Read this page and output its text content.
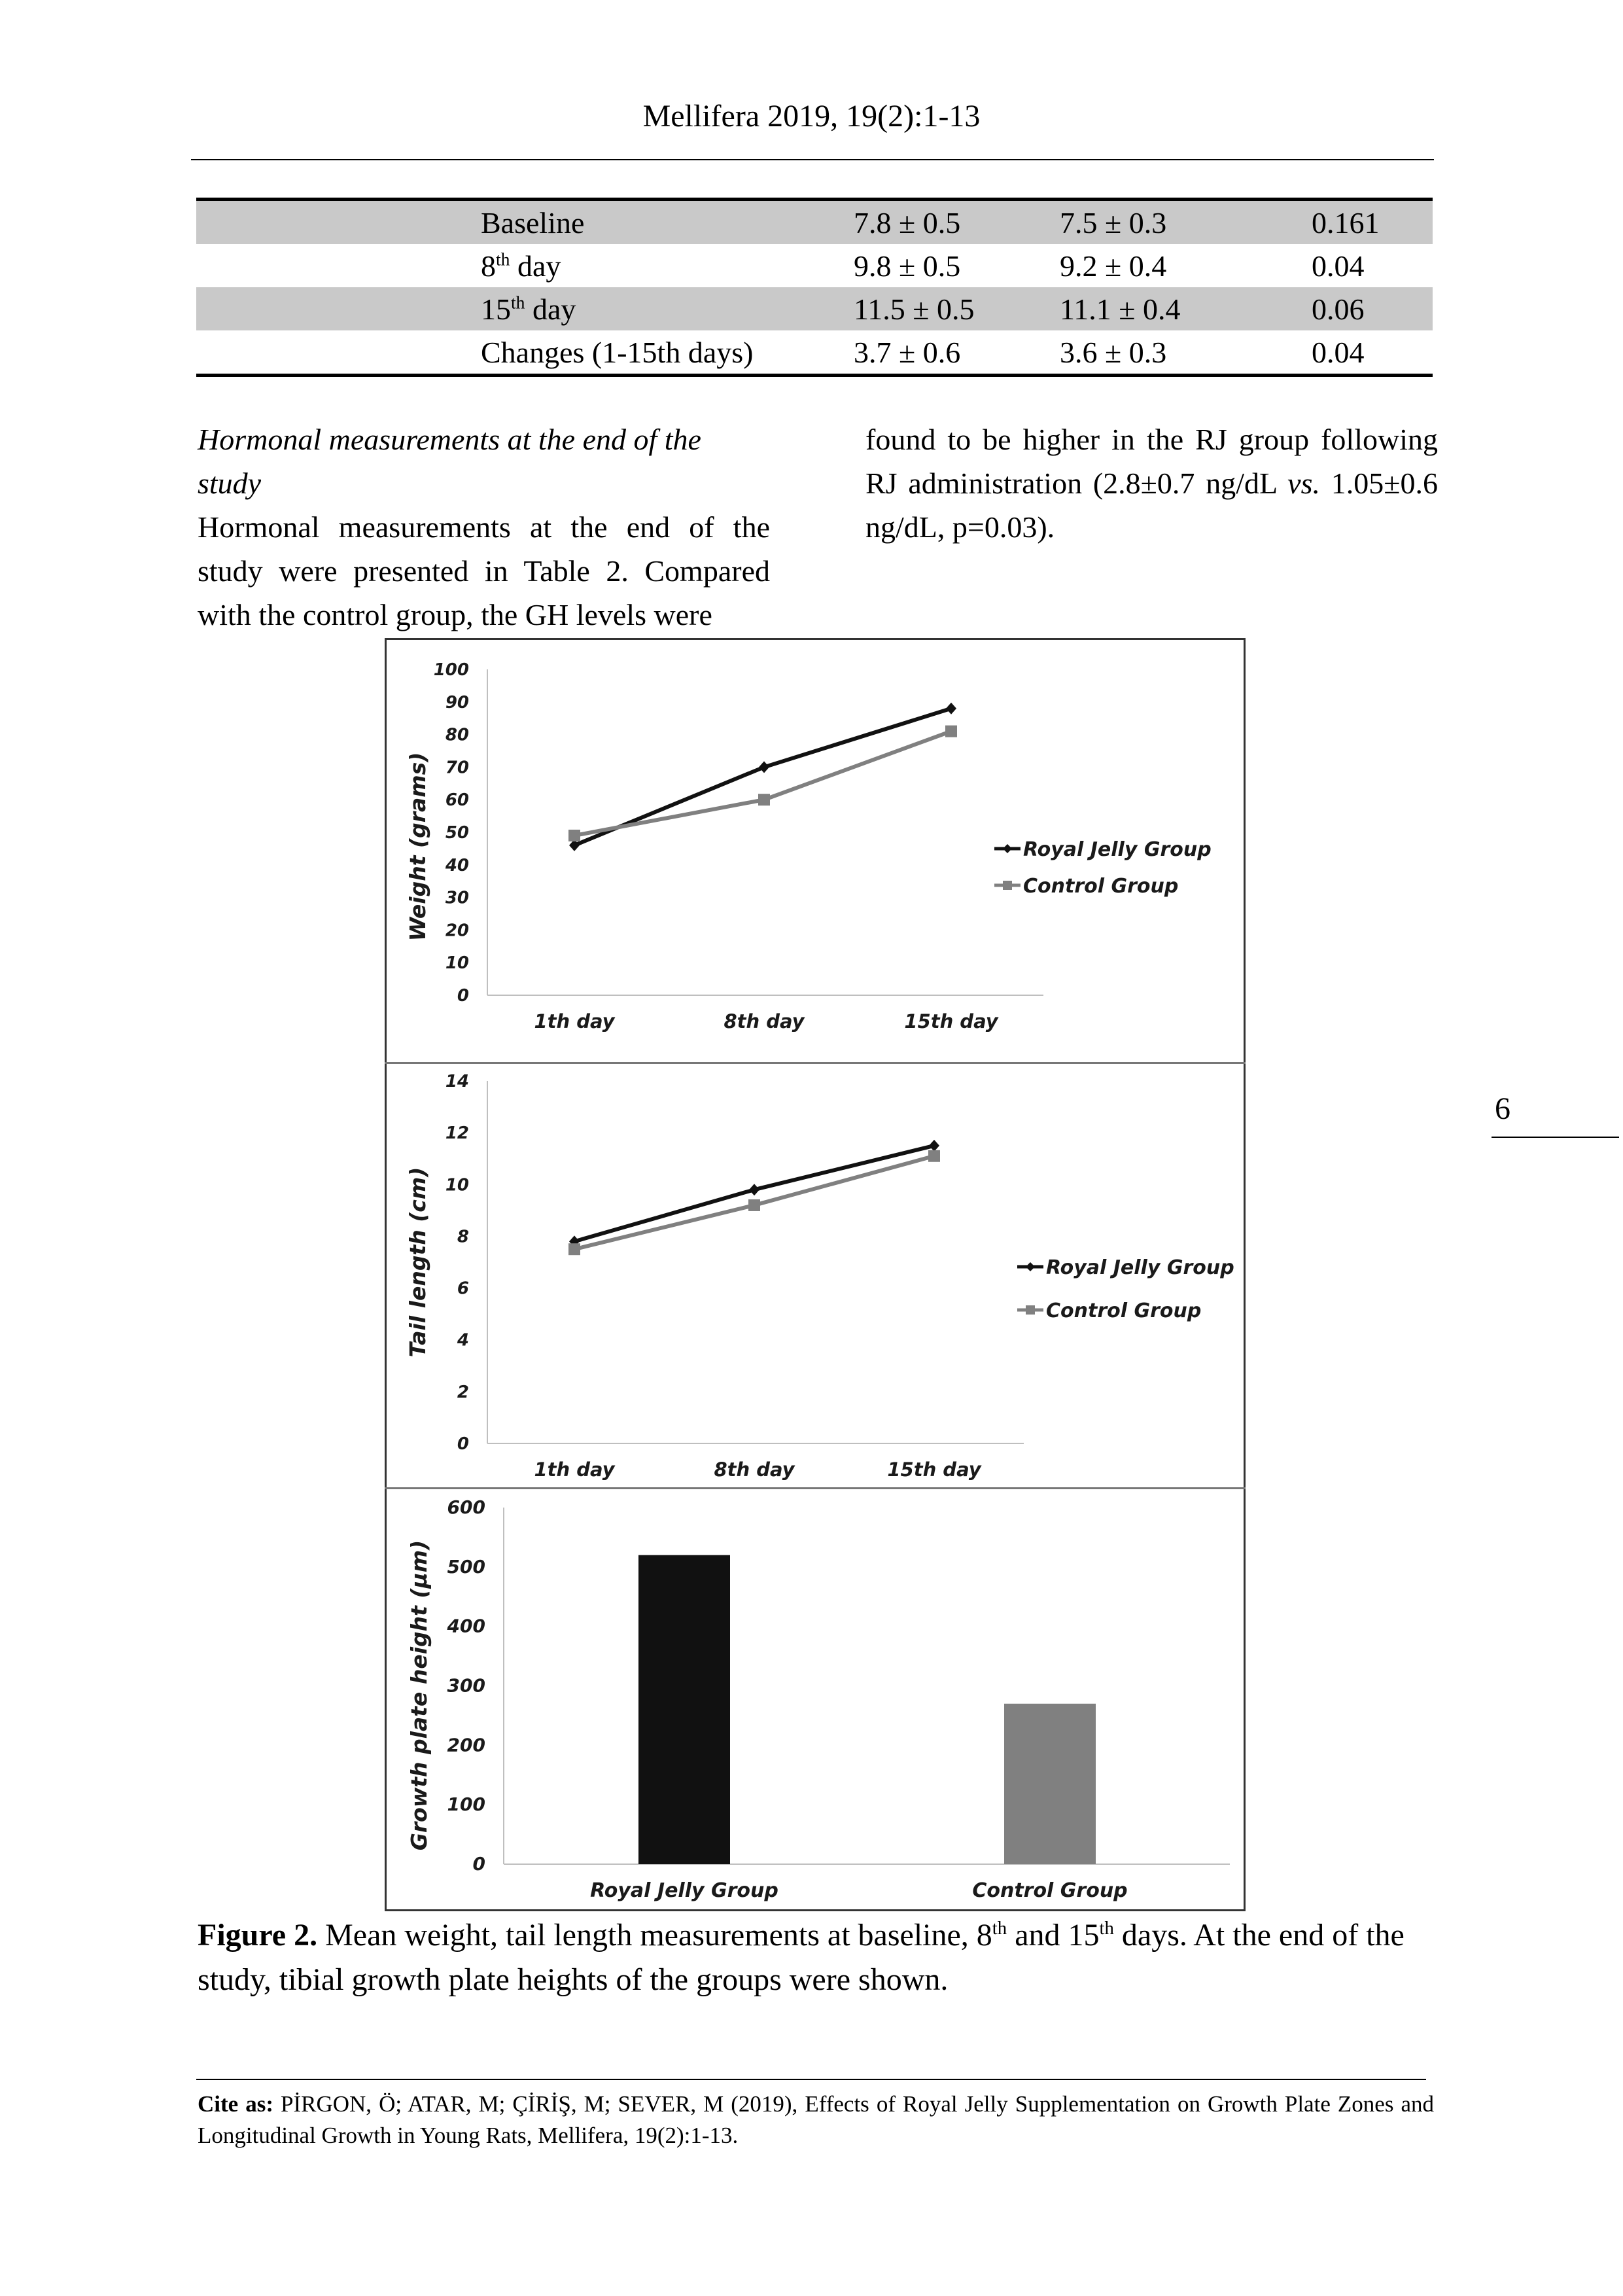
Mellifera 2019, 19(2):1-13
	Baseline	7.8 ± 0.5	7.5 ± 0.3	0.161
	8th day	9.8 ± 0.5	9.2 ± 0.4	0.04
	15th day	11.5 ± 0.5	11.1 ± 0.4	0.06
	Changes (1-15th days)	3.7 ± 0.6	3.6 ± 0.3	0.04

Hormonal measurements at the end of the study

Hormonal measurements at the end of the study were presented in Table 2. Compared with the control group, the GH levels were

found to be higher in the RJ group following RJ administration (2.8±0.7 ng/dL vs. 1.05±0.6 ng/dL, p=0.03).

0
10
20
30
40
50
60
70
80
90
100
1th day	8th day	15th day
Weight (grams)	Royal Jelly Group
Control Group
0
2
4
6
8
10
12
14
1th day	8th day	15th day
Tail length (cm)	Royal Jelly Group
Control Group
0
100
200
300
400
500
600
Royal Jelly Group	Control Group
Growth plate height (µm)
Figure 2. Mean weight, tail length measurements at baseline, 8th and 15th days. At the end of the study, tibial growth plate heights of the groups were shown.
6
Cite as: PİRGON, Ö; ATAR, M; ÇİRİŞ, M; SEVER, M (2019), Effects of Royal Jelly Supplementation on Growth Plate Zones and Longitudinal Growth in Young Rats, Mellifera, 19(2):1-13.
